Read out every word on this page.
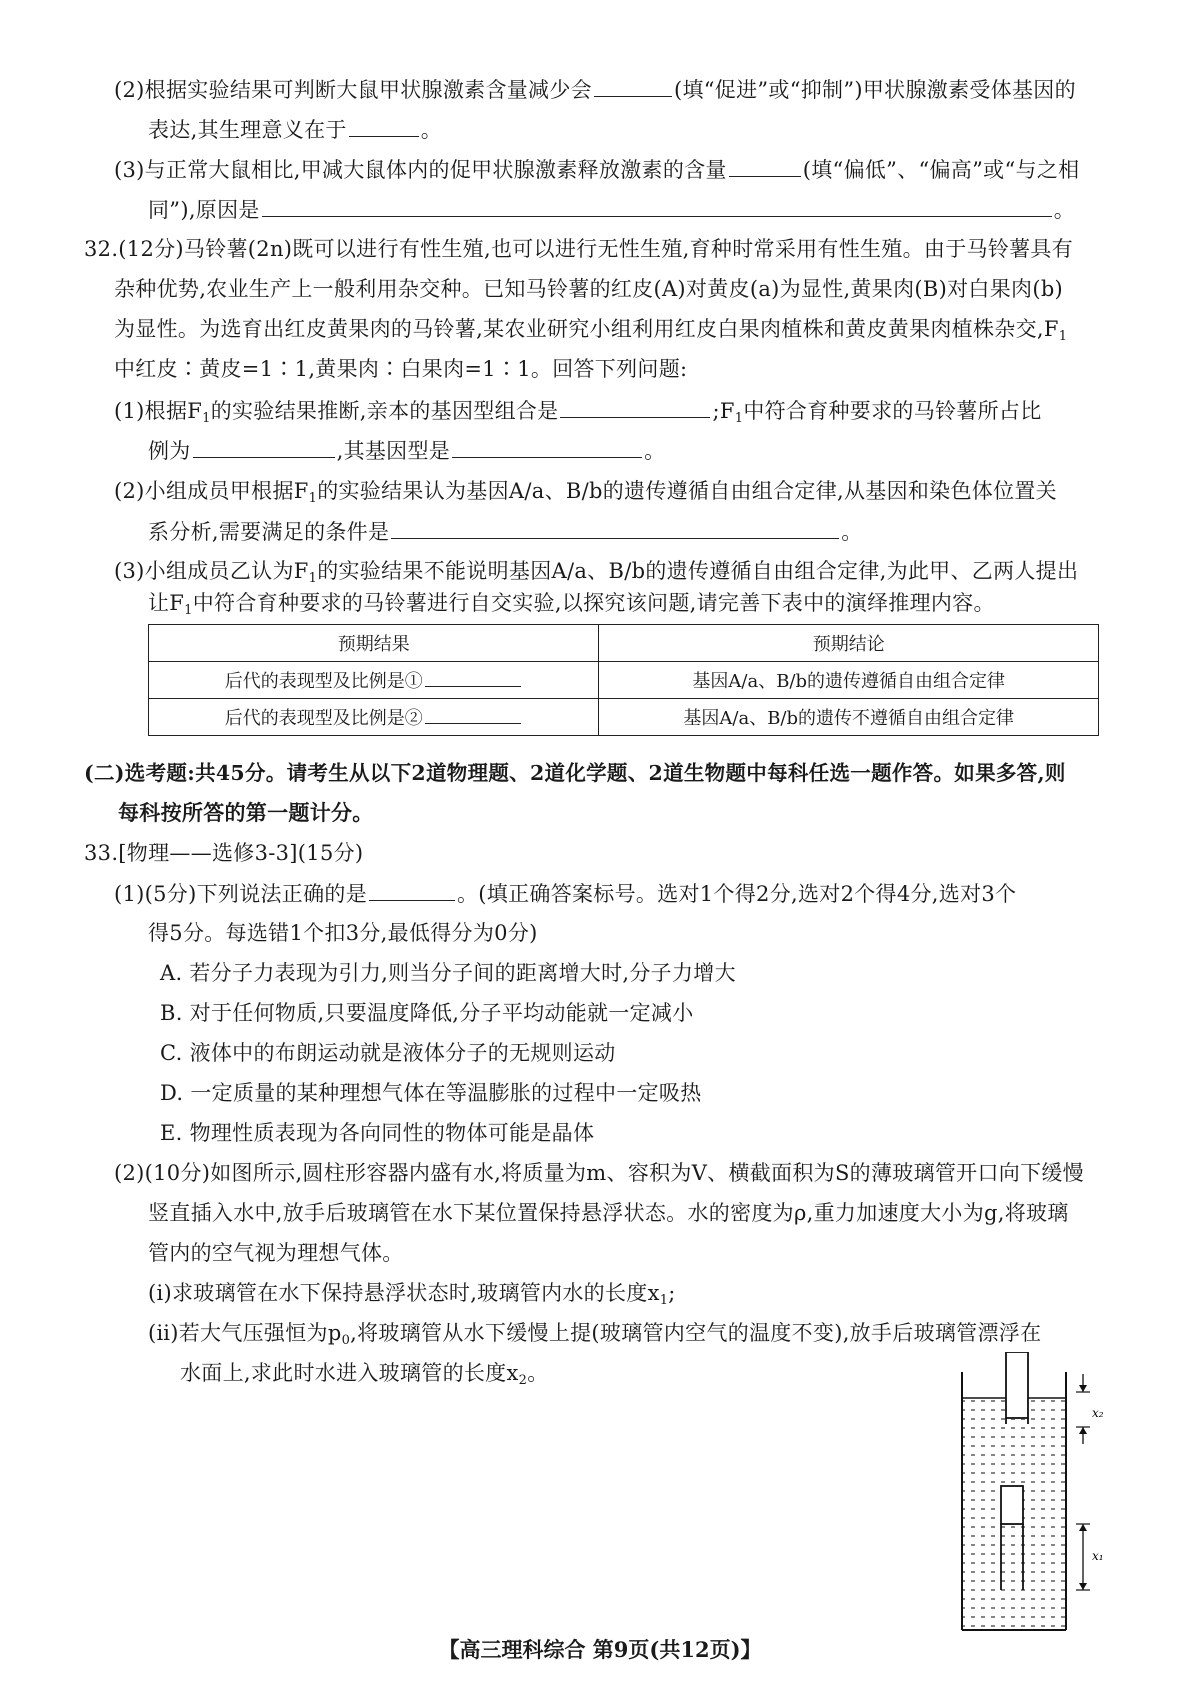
(2)根据实验结果可判断大鼠甲状腺激素含量减少会	(填“促进”或“抑制”)甲状腺激素受体基因的
表达,其生理意义在于	。
(3)与正常大鼠相比,甲减大鼠体内的促甲状腺激素释放激素的含量	(填“偏低”、“偏高”或“与之相
同”),原因是	。
32.(12分)马铃薯(2n)既可以进行有性生殖,也可以进行无性生殖,育种时常采用有性生殖。由于马铃薯具有
杂种优势,农业生产上一般利用杂交种。已知马铃薯的红皮(A)对黄皮(a)为显性,黄果肉(B)对白果肉(b)
为显性。为选育出红皮黄果肉的马铃薯,某农业研究小组利用红皮白果肉植株和黄皮黄果肉植株杂交$,F_1$
中红皮∶黄皮=1∶1,黄果肉∶白果肉=1∶1。回答下列问题:
(1)根据$F_1$的实验结果推断,亲本的基因型组合是	$;F_1$中符合育种要求的马铃薯所占比
例为	,其基因型是	。
(2)小组成员甲根据$F_1$的实验结果认为基因A/a、B/b的遗传遵循自由组合定律,从基因和染色体位置关
系分析,需要满足的条件是	。
(3)小组成员乙认为$F_1$的实验结果不能说明基因A/a、B/b的遗传遵循自由组合定律,为此甲、乙两人提出
让$F_1$中符合育种要求的马铃薯进行自交实验,以探究该问题,请完善下表中的演绎推理内容。
预期结果	预期结论
后代的表现型及比例是①	基因A/a、B/b的遗传遵循自由组合定律
后代的表现型及比例是②	基因A/a、B/b的遗传不遵循自由组合定律
(二)选考题:共45分。请考生从以下2道物理题、2道化学题、2道生物题中每科任选一题作答。如果多答,则
每科按所答的第一题计分。
33.[物理——选修3-3](15分)
(1)(5分)下列说法正确的是	。(填正确答案标号。选对1个得2分,选对2个得4分,选对3个
得5分。每选错1个扣3分,最低得分为0分)
A. 若分子力表现为引力,则当分子间的距离增大时,分子力增大
B. 对于任何物质,只要温度降低,分子平均动能就一定减小
C. 液体中的布朗运动就是液体分子的无规则运动
D. 一定质量的某种理想气体在等温膨胀的过程中一定吸热
E. 物理性质表现为各向同性的物体可能是晶体
(2)(10分)如图所示,圆柱形容器内盛有水,将质量为m、容积为V、横截面积为S的薄玻璃管开口向下缓慢
竖直插入水中,放手后玻璃管在水下某位置保持悬浮状态。水的密度为ρ,重力加速度大小为g,将玻璃
管内的空气视为理想气体。
(ⅰ)求玻璃管在水下保持悬浮状态时,玻璃管内水的长度$x_1$;
(ⅱ)若大气压强恒为$p_0$,将玻璃管从水下缓慢上提(玻璃管内空气的温度不变),放手后玻璃管漂浮在
水面上,求此时水进入玻璃管的长度$x_2$。
x₂
x₁
【高三理科综合 第9页(共12页)】
